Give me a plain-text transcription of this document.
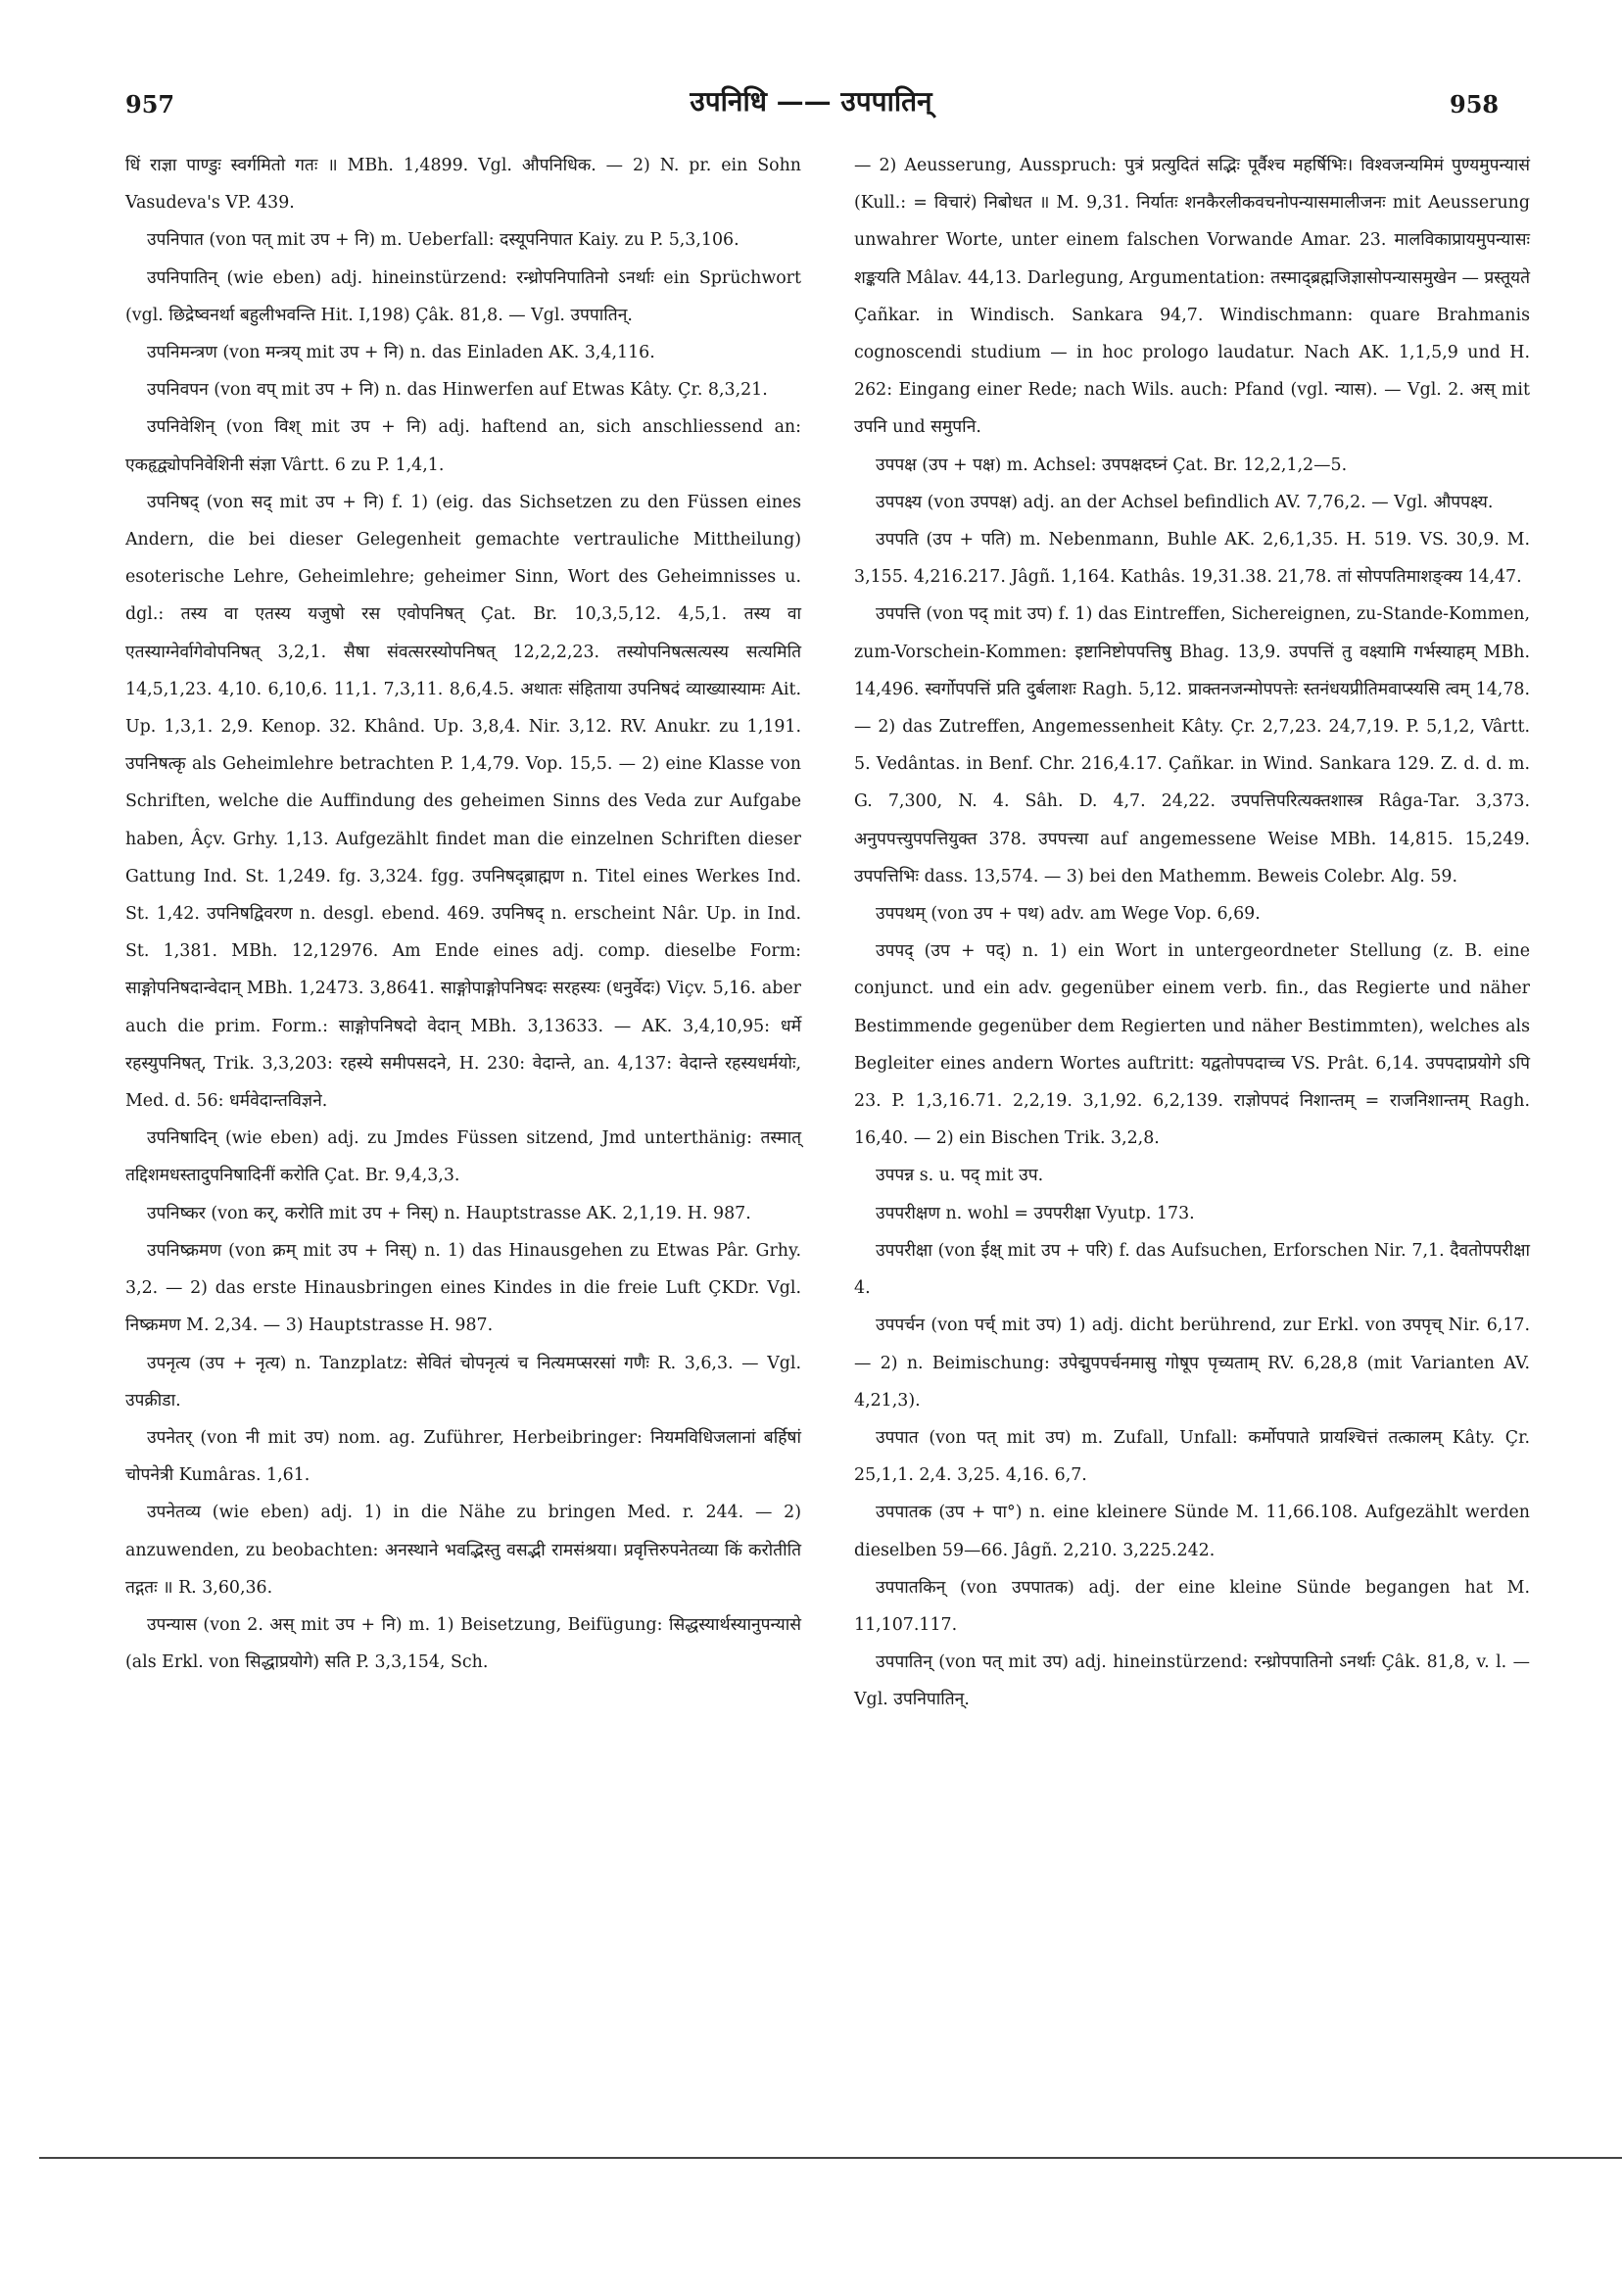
957	उपनिधि —— उपपातिन्	958

धिं राज्ञा पाण्डुः स्वर्गमितो गतः ॥ MBh. 1,4899. Vgl. औपनिधिक. — 2) N. pr. ein Sohn Vasudeva's VP. 439.

उपनिपात (von पत् mit उप + नि) m. Ueberfall: दस्यूपनिपात Kaiy. zu P. 5,3,106.

उपनिपातिन् (wie eben) adj. hineinstürzend: रन्ध्रोपनिपातिनो ऽनर्थाः ein Sprüchwort (vgl. छिद्रेष्वनर्था बहुलीभवन्ति Hit. I,198) Çâk. 81,8. — Vgl. उपपातिन्.

उपनिमन्त्रण (von मन्त्रय् mit उप + नि) n. das Einladen AK. 3,4,116.

उपनिवपन (von वप् mit उप + नि) n. das Hinwerfen auf Etwas Kâty. Çr. 8,3,21.

उपनिवेशिन् (von विश् mit उप + नि) adj. haftend an, sich anschliessend an: एकहृद्व्योपनिवेशिनी संज्ञा Vârtt. 6 zu P. 1,4,1.

उपनिषद् (von सद् mit उप + नि) f. 1) (eig. das Sichsetzen zu den Füssen eines Andern, die bei dieser Gelegenheit gemachte vertrauliche Mittheilung) esoterische Lehre, Geheimlehre; geheimer Sinn, Wort des Geheimnisses u. dgl.: तस्य वा एतस्य यजुषो रस एवोपनिषत् Çat. Br. 10,3,5,12. 4,5,1. तस्य वा एतस्याग्नेर्वागेवोपनिषत् 3,2,1. सैषा संवत्सरस्योपनिषत् 12,2,2,23. तस्योपनिषत्सत्यस्य सत्यमिति 14,5,1,23. 4,10. 6,10,6. 11,1. 7,3,11. 8,6,4.5. अथातः संहिताया उपनिषदं व्याख्यास्यामः Ait. Up. 1,3,1. 2,9. Kenop. 32. Khând. Up. 3,8,4. Nir. 3,12. RV. Anukr. zu 1,191. उपनिषत्कृ als Geheimlehre betrachten P. 1,4,79. Vop. 15,5. — 2) eine Klasse von Schriften, welche die Auffindung des geheimen Sinns des Veda zur Aufgabe haben, Âçv. Grhy. 1,13. Aufgezählt findet man die einzelnen Schriften dieser Gattung Ind. St. 1,249. fg. 3,324. fgg. उपनिषद्ब्राह्मण n. Titel eines Werkes Ind. St. 1,42. उपनिषद्विवरण n. desgl. ebend. 469. उपनिषद् n. erscheint Nâr. Up. in Ind. St. 1,381. MBh. 12,12976. Am Ende eines adj. comp. dieselbe Form: साङ्गोपनिषदान्वेदान् MBh. 1,2473. 3,8641. साङ्गोपाङ्गोपनिषदः सरहस्यः (धनुर्वेदः) Viçv. 5,16. aber auch die prim. Form.: साङ्गोपनिषदो वेदान् MBh. 3,13633. — AK. 3,4,10,95: धर्मे रहस्युपनिषत्, Trik. 3,3,203: रहस्ये समीपसदने, H. 230: वेदान्ते, an. 4,137: वेदान्ते रहस्यधर्मयोः, Med. d. 56: धर्मवेदान्तविज्ञने.

उपनिषादिन् (wie eben) adj. zu Jmdes Füssen sitzend, Jmd unterthänig: तस्मात् तद्दिशमधस्तादुपनिषादिनीं करोति Çat. Br. 9,4,3,3.

उपनिष्कर (von कर्, करोति mit उप + निस्) n. Hauptstrasse AK. 2,1,19. H. 987.

उपनिष्क्रमण (von क्रम् mit उप + निस्) n. 1) das Hinausgehen zu Etwas Pâr. Grhy. 3,2. — 2) das erste Hinausbringen eines Kindes in die freie Luft ÇKDr. Vgl. निष्क्रमण M. 2,34. — 3) Hauptstrasse H. 987.

उपनृत्य (उप + नृत्य) n. Tanzplatz: सेवितं चोपनृत्यं च नित्यमप्सरसां गणैः R. 3,6,3. — Vgl. उपक्रीडा.

उपनेतर् (von नी mit उप) nom. ag. Zuführer, Herbeibringer: नियमविधिजलानां बर्हिषां चोपनेत्री Kumâras. 1,61.

उपनेतव्य (wie eben) adj. 1) in die Nähe zu bringen Med. r. 244. — 2) anzuwenden, zu beobachten: अनस्थाने भवद्भिस्तु वसद्भी रामसंश्रया। प्रवृत्तिरुपनेतव्या किं करोतीति तद्गतः ॥ R. 3,60,36.

उपन्यास (von 2. अस् mit उप + नि) m. 1) Beisetzung, Beifügung: सिद्धस्यार्थस्यानुपन्यासे (als Erkl. von सिद्धाप्रयोगे) सति P. 3,3,154, Sch.

— 2) Aeusserung, Ausspruch: पुत्रं प्रत्युदितं सद्भिः पूर्वैश्च महर्षिभिः। विश्वजन्यमिमं पुण्यमुपन्यासं (Kull.: = विचारं) निबोधत ॥ M. 9,31. निर्यातः शनकैरलीकवचनोपन्यासमालीजनः mit Aeusserung unwahrer Worte, unter einem falschen Vorwande Amar. 23. मालविकाप्रायमुपन्यासः शङ्कयति Mâlav. 44,13. Darlegung, Argumentation: तस्माद्ब्रह्मजिज्ञासोपन्यासमुखेन — प्रस्तूयते Çañkar. in Windisch. Sankara 94,7. Windischmann: quare Brahmanis cognoscendi studium — in hoc prologo laudatur. Nach AK. 1,1,5,9 und H. 262: Eingang einer Rede; nach Wils. auch: Pfand (vgl. न्यास). — Vgl. 2. अस् mit उपनि und समुपनि.

उपपक्ष (उप + पक्ष) m. Achsel: उपपक्षदघ्नं Çat. Br. 12,2,1,2—5.

उपपक्ष्य (von उपपक्ष) adj. an der Achsel befindlich AV. 7,76,2. — Vgl. औपपक्ष्य.

उपपति (उप + पति) m. Nebenmann, Buhle AK. 2,6,1,35. H. 519. VS. 30,9. M. 3,155. 4,216.217. Jâgñ. 1,164. Kathâs. 19,31.38. 21,78. तां सोपपतिमाशङ्क्य 14,47.

उपपत्ति (von पद् mit उप) f. 1) das Eintreffen, Sichereignen, zu-Stande-Kommen, zum-Vorschein-Kommen: इष्टानिष्टोपपत्तिषु Bhag. 13,9. उपपत्तिं तु वक्ष्यामि गर्भस्याहम् MBh. 14,496. स्वर्गोपपत्तिं प्रति दुर्बलाशः Ragh. 5,12. प्राक्तनजन्मोपपत्तेः स्तनंधयप्रीतिमवाप्स्यसि त्वम् 14,78. — 2) das Zutreffen, Angemessenheit Kâty. Çr. 2,7,23. 24,7,19. P. 5,1,2, Vârtt. 5. Vedântas. in Benf. Chr. 216,4.17. Çañkar. in Wind. Sankara 129. Z. d. d. m. G. 7,300, N. 4. Sâh. D. 4,7. 24,22. उपपत्तिपरित्यक्तशास्त्र Râga-Tar. 3,373. अनुपपत्त्युपपत्तियुक्त 378. उपपत्त्या auf angemessene Weise MBh. 14,815. 15,249. उपपत्तिभिः dass. 13,574. — 3) bei den Mathemm. Beweis Colebr. Alg. 59.

उपपथम् (von उप + पथ) adv. am Wege Vop. 6,69.

उपपद् (उप + पद्) n. 1) ein Wort in untergeordneter Stellung (z. B. eine conjunct. und ein adv. gegenüber einem verb. fin., das Regierte und näher Bestimmende gegenüber dem Regierten und näher Bestimmten), welches als Begleiter eines andern Wortes auftritt: यद्वतोपपदाच्च VS. Prât. 6,14. उपपदाप्रयोगे ऽपि 23. P. 1,3,16.71. 2,2,19. 3,1,92. 6,2,139. राज्ञोपपदं निशान्तम् = राजनिशान्तम् Ragh. 16,40. — 2) ein Bischen Trik. 3,2,8.

उपपन्न s. u. पद् mit उप.

उपपरीक्षण n. wohl = उपपरीक्षा Vyutp. 173.

उपपरीक्षा (von ईक्ष् mit उप + परि) f. das Aufsuchen, Erforschen Nir. 7,1. दैवतोपपरीक्षा 4.

उपपर्चन (von पर्च् mit उप) 1) adj. dicht berührend, zur Erkl. von उपपृच् Nir. 6,17. — 2) n. Beimischung: उपेद्मुपपर्चनमासु गोषूप पृच्यताम् RV. 6,28,8 (mit Varianten AV. 4,21,3).

उपपात (von पत् mit उप) m. Zufall, Unfall: कर्मोपपाते प्रायश्चित्तं तत्कालम् Kâty. Çr. 25,1,1. 2,4. 3,25. 4,16. 6,7.

उपपातक (उप + पा°) n. eine kleinere Sünde M. 11,66.108. Aufgezählt werden dieselben 59—66. Jâgñ. 2,210. 3,225.242.

उपपातकिन् (von उपपातक) adj. der eine kleine Sünde begangen hat M. 11,107.117.

उपपातिन् (von पत् mit उप) adj. hineinstürzend: रन्ध्रोपपातिनो ऽनर्थाः Çâk. 81,8, v. l. — Vgl. उपनिपातिन्.
